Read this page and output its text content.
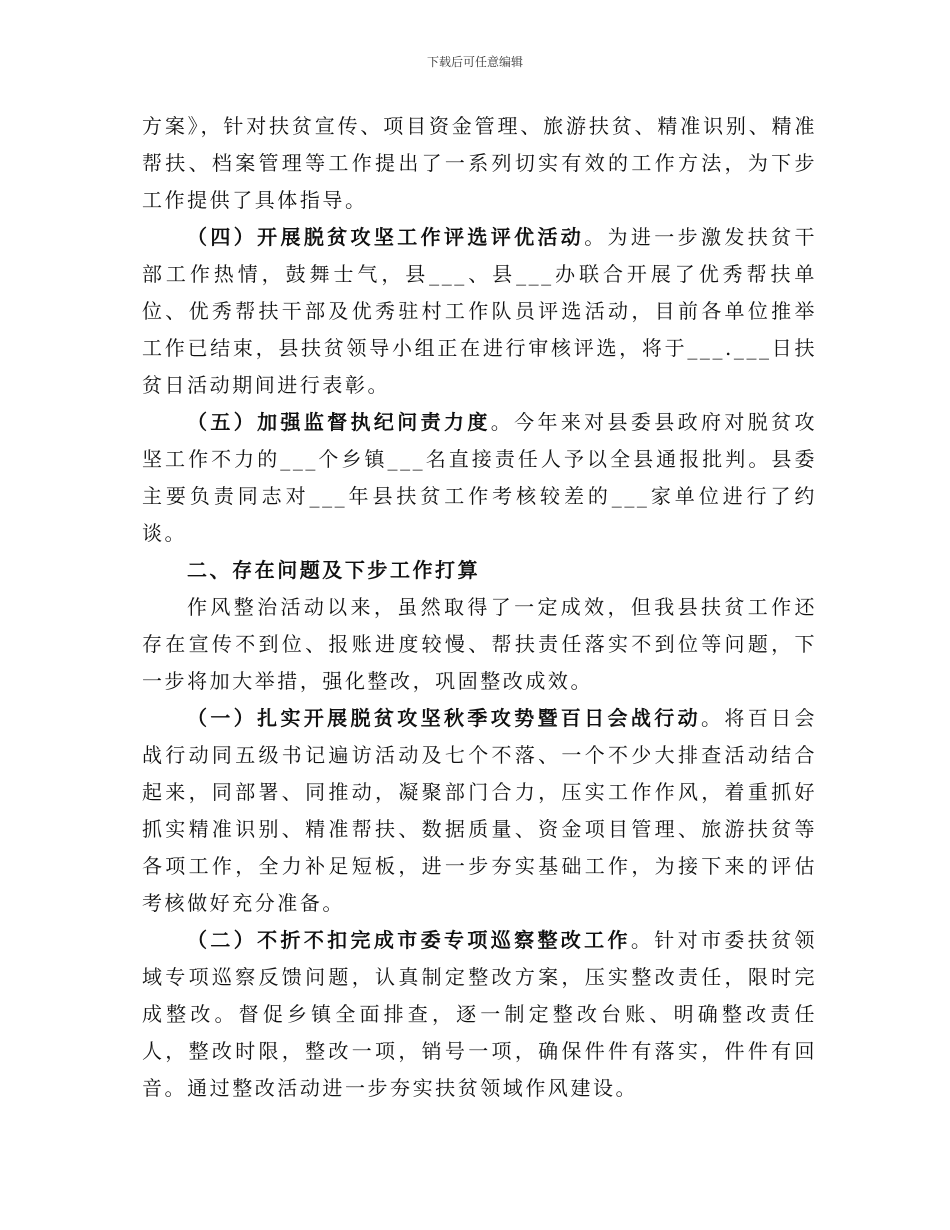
下载后可任意编辑

方案》，针对扶贫宣传、项目资金管理、旅游扶贫、精准识别、精准帮扶、档案管理等工作提出了一系列切实有效的工作方法，为下步工作提供了具体指导。

（四）开展脱贫攻坚工作评选评优活动。为进一步激发扶贫干部工作热情，鼓舞士气，县___、县___办联合开展了优秀帮扶单位、优秀帮扶干部及优秀驻村工作队员评选活动，目前各单位推举工作已结束，县扶贫领导小组正在进行审核评选，将于___.___日扶贫日活动期间进行表彰。

（五）加强监督执纪问责力度。今年来对县委县政府对脱贫攻坚工作不力的___个乡镇___名直接责任人予以全县通报批判。县委主要负责同志对___年县扶贫工作考核较差的___家单位进行了约谈。

二、存在问题及下步工作打算

作风整治活动以来，虽然取得了一定成效，但我县扶贫工作还存在宣传不到位、报账进度较慢、帮扶责任落实不到位等问题，下一步将加大举措，强化整改，巩固整改成效。

（一）扎实开展脱贫攻坚秋季攻势暨百日会战行动。将百日会战行动同五级书记遍访活动及七个不落、一个不少大排查活动结合起来，同部署、同推动，凝聚部门合力，压实工作作风，着重抓好抓实精准识别、精准帮扶、数据质量、资金项目管理、旅游扶贫等各项工作，全力补足短板，进一步夯实基础工作，为接下来的评估考核做好充分准备。

（二）不折不扣完成市委专项巡察整改工作。针对市委扶贫领域专项巡察反馈问题，认真制定整改方案，压实整改责任，限时完成整改。督促乡镇全面排查，逐一制定整改台账、明确整改责任人，整改时限，整改一项，销号一项，确保件件有落实，件件有回音。通过整改活动进一步夯实扶贫领域作风建设。
